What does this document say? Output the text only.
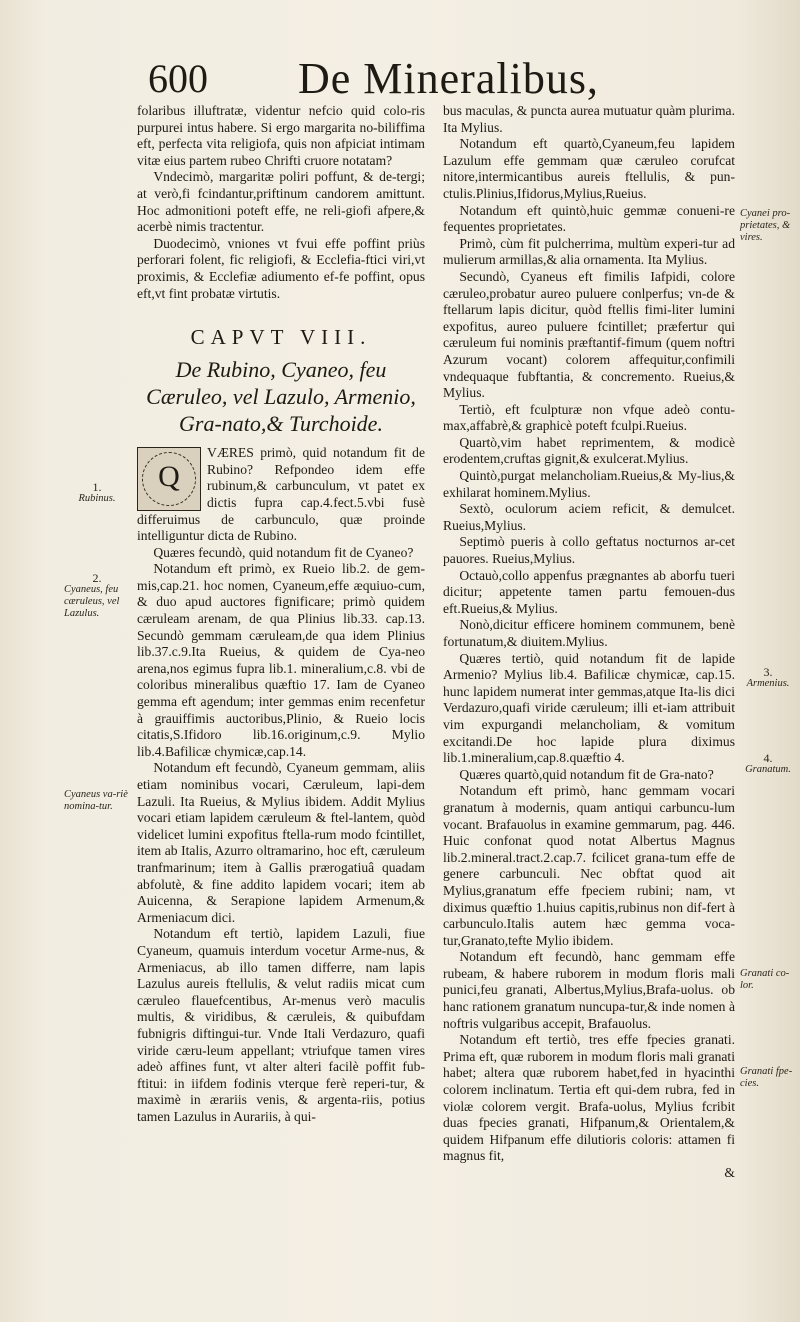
600 De Mineralibus,

folaribus illuftratæ, videntur nefcio quid colo-ris purpurei intus habere. Si ergo margarita no-biliffima eft, perfecta vita religiofa, quis non afpiciat intimam vitæ eius partem rubeo Chrifti cruore notatam?

Vndecimò, margaritæ poliri poffunt, & de-tergi; at verò,fi fcindantur,priftinum candorem amittunt. Hoc admonitioni poteft effe, ne reli-giofi afpere,& acerbè nimis tractentur.

Duodecimò, vniones vt fvui effe poffint priùs perforari folent, fic religiofi, & Ecclefia-ftici viri,vt proximis, & Ecclefiæ adiumento ef-fe poffint, opus eft,vt fint probatæ virtutis.

CAPVT VIII.
De Rubino, Cyaneo, feu Cæruleo, vel Lazulo, Armenio, Gra-nato,& Turchoide.
Q

VÆRES primò, quid notandum fit de Rubino? Refpondeo idem effe rubinum,& carbunculum, vt patet ex dictis fupra cap.4.fect.5.vbi fusè differuimus de carbunculo, quæ proinde intelliguntur dicta de Rubino.

Quæres fecundò, quid notandum fit de Cyaneo?

Notandum eft primò, ex Rueio lib.2. de gem-mis,cap.21. hoc nomen, Cyaneum,effe æquiuo-cum, & duo apud auctores fignificare; primò quidem cæruleam arenam, de qua Plinius lib.33. cap.13. Secundò gemmam cæruleam,de qua idem Plinius lib.37.c.9.Ita Rueius, & quidem de Cya-neo arena,nos egimus fupra lib.1. mineralium,c.8. vbi de coloribus mineralibus quæftio 17. Iam de Cyaneo gemma eft agendum; inter gemmas enim recenfetur à grauiffimis auctoribus,Plinio, & Rueio locis citatis,S.Ifidoro lib.16.originum,c.9. Mylio lib.4.Bafilicæ chymicæ,cap.14.

Notandum eft fecundò, Cyaneum gemmam, aliis etiam nominibus vocari, Cæruleum, lapi-dem Lazuli. Ita Rueius, & Mylius ibidem. Addit Mylius vocari etiam lapidem cæruleum & ftel-lantem, quòd videlicet lumini expofitus ftella-rum modo fcintillet, item ab Italis, Azurro oltramarino, hoc eft, cæruleum tranfmarinum; item à Gallis prærogatiuâ quadam abfolutè, & fine addito lapidem vocari; item ab Auicenna, & Serapione lapidem Armenum,& Armeniacum dici.

Notandum eft tertiò, lapidem Lazuli, fiue Cyaneum, quamuis interdum vocetur Arme-nus, & Armeniacus, ab illo tamen differre, nam lapis Lazulus aureis ftellulis, & velut radiis micat cum cæruleo flauefcentibus, Ar-menus verò maculis multis, & viridibus, & cæruleis, & quibufdam fubnigris diftingui-tur. Vnde Itali Verdazuro, quafi viride cæru-leum appellant; vtriufque tamen vires adeò affines funt, vt alter alteri facilè poffit fub-ftitui: in iifdem fodinis vterque ferè reperi-tur, & maximè in ærariis venis, & argenta-riis, potius tamen Lazulus in Aurariis, à qui-

bus maculas, & puncta aurea mutuatur quàm plurima. Ita Mylius.

Notandum eft quartò,Cyaneum,feu lapidem Lazulum effe gemmam quæ cæruleo corufcat nitore,intermicantibus aureis ftellulis, & pun-ctulis.Plinius,Ifidorus,Mylius,Rueius.

Notandum eft quintò,huic gemmæ conueni-re fequentes proprietates.

Primò, cùm fit pulcherrima, multùm experi-tur ad mulierum armillas,& alia ornamenta. Ita Mylius.

Secundò, Cyaneus eft fimilis Iafpidi, colore cæruleo,probatur aureo puluere conlperfus; vn-de & ftellarum lapis dicitur, quòd ftellis fimi-liter lumini expofitus, aureo puluere fcintillet; præfertur qui cæruleum fui nominis præftantif-fimum (quem noftri Azurum vocant) colorem affequitur,confimili vndequaque fubftantia, & concremento. Rueius,& Mylius.

Tertiò, eft fculpturæ non vfque adeò contu-max,affabrè,& graphicè poteft fculpi.Rueius.

Quartò,vim habet reprimentem, & modicè erodentem,cruftas gignit,& exulcerat.Mylius.

Quintò,purgat melancholiam.Rueius,& My-lius,& exhilarat hominem.Mylius.

Sextò, oculorum aciem reficit, & demulcet. Rueius,Mylius.

Septimò pueris à collo geftatus nocturnos ar-cet pauores. Rueius,Mylius.

Octauò,collo appenfus prægnantes ab aborfu tueri dicitur; appetente tamen partu femouen-dus eft.Rueius,& Mylius.

Nonò,dicitur efficere hominem communem, benè fortunatum,& diuitem.Mylius.

Quæres tertiò, quid notandum fit de lapide Armenio? Mylius lib.4. Bafilicæ chymicæ, cap.15. hunc lapidem numerat inter gemmas,atque Ita-lis dici Verdazuro,quafi viride cæruleum; illi et-iam attribuit vim expurgandi melancholiam, & vomitum excitandi.De hoc lapide plura diximus lib.1.mineralium,cap.8.quæftio 4.

Quæres quartò,quid notandum fit de Gra-nato?

Notandum eft primò, hanc gemmam vocari granatum à modernis, quam antiqui carbuncu-lum vocant. Brafauolus in examine gemmarum, pag. 446. Huic confonat quod notat Albertus Magnus lib.2.mineral.tract.2.cap.7. fcilicet grana-tum effe de genere carbunculi. Nec obftat quod ait Mylius,granatum effe fpeciem rubini; nam, vt diximus quæftio 1.huius capitis,rubinus non dif-fert à carbunculo.Italis autem hæc gemma voca-tur,Granato,tefte Mylio ibidem.

Notandum eft fecundò, hanc gemmam effe rubeam, & habere ruborem in modum floris mali punici,feu granati, Albertus,Mylius,Brafa-uolus. ob hanc rationem granatum nuncupa-tur,& inde nomen à noftris vulgaribus accepit, Brafauolus.

Notandum eft tertiò, tres effe fpecies granati. Prima eft, quæ ruborem in modum floris mali granati habet; altera quæ ruborem habet,fed in hyacinthi colorem inclinatum. Tertia eft qui-dem rubra, fed in violæ colorem vergit. Brafa-uolus, Mylius fcribit duas fpecies granati, Hifpanum,& Orientalem,& quidem Hifpanum effe dilutioris coloris: attamen fi magnus fit,

&

1.
Rubinus.
2.
Cyaneus, feu cæruleus, vel Lazulus.
Cyaneus va-riè nomina-tur.
Cyanei pro-prietates, & vires.
3.
Armenius.
4.
Granatum.
Granati co-lor.
Granati fpe-cies.
